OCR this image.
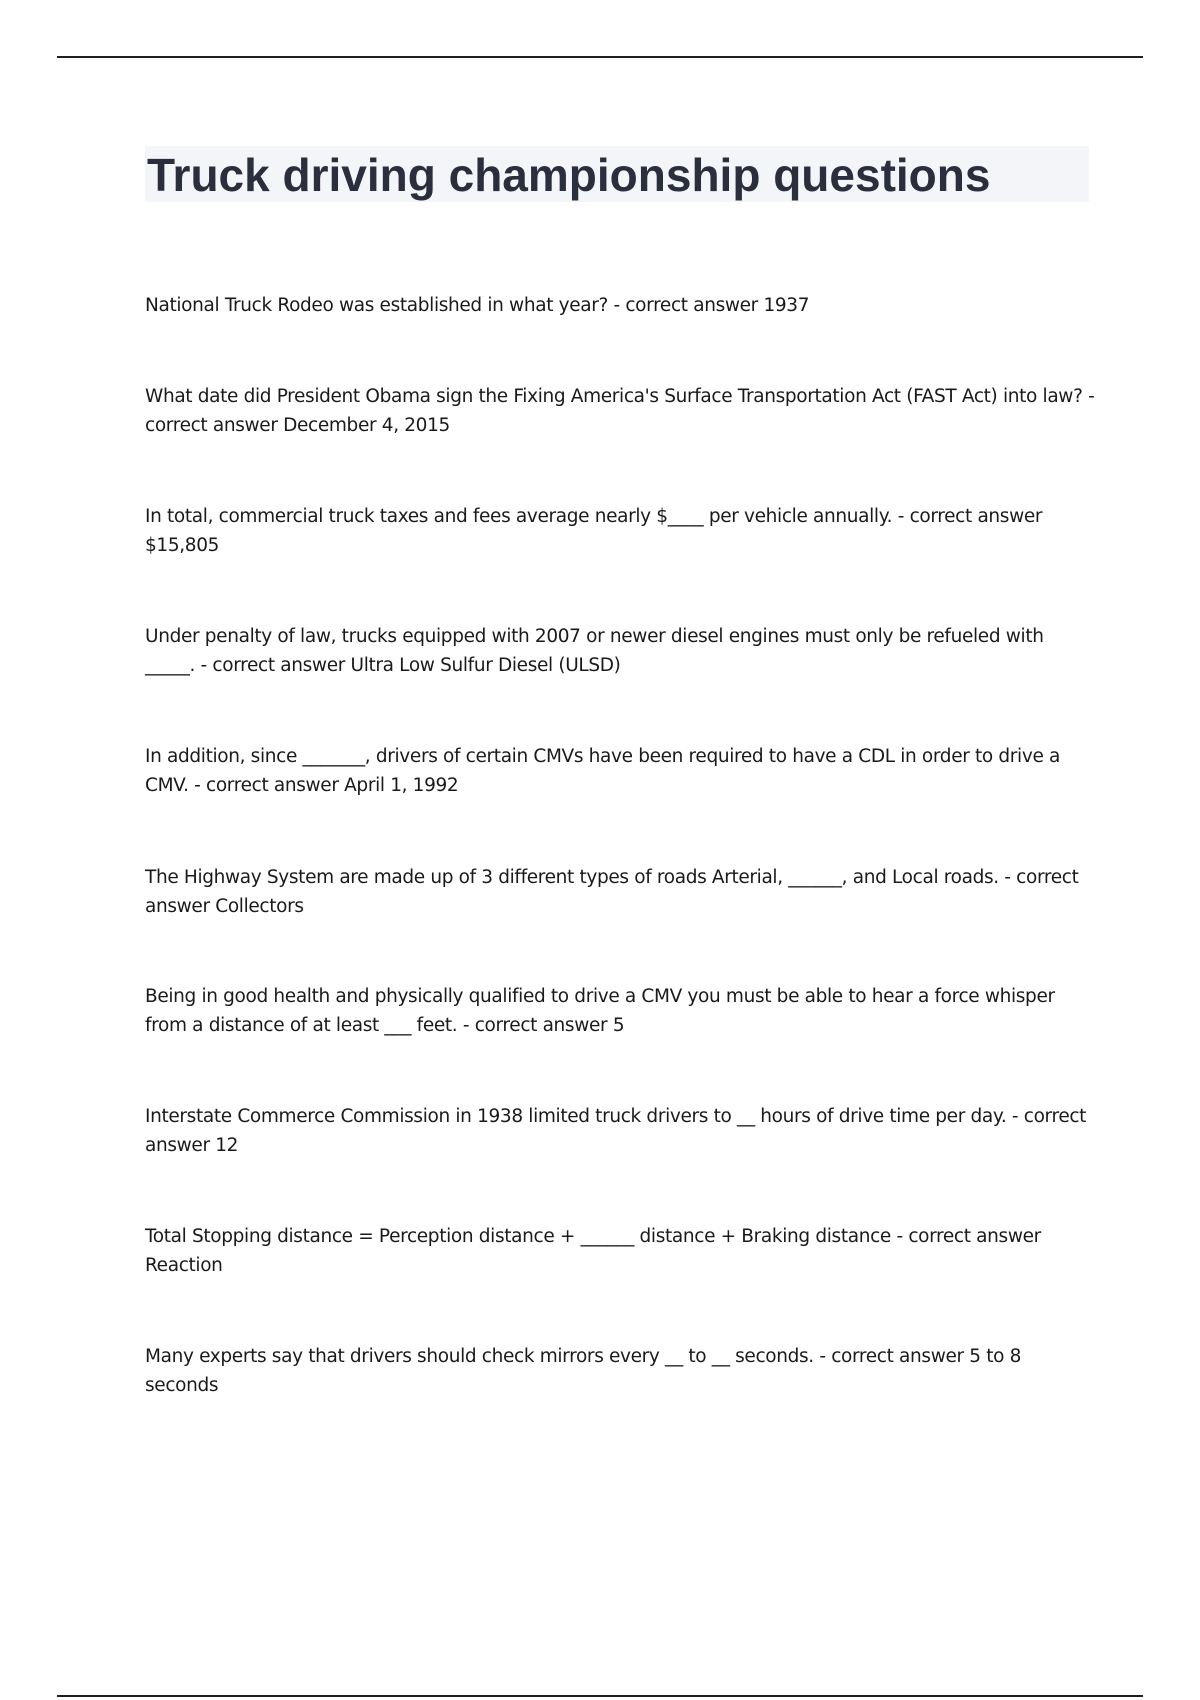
Truck driving championship questions
National Truck Rodeo was established in what year? - correct answer 1937
What date did President Obama sign the Fixing America's Surface Transportation Act (FAST Act) into law? - correct answer December 4, 2015
In total, commercial truck taxes and fees average nearly $____ per vehicle annually. - correct answer $15,805
Under penalty of law, trucks equipped with 2007 or newer diesel engines must only be refueled with _____. - correct answer Ultra Low Sulfur Diesel (ULSD)
In addition, since _______, drivers of certain CMVs have been required to have a CDL in order to drive a CMV. - correct answer April 1, 1992
The Highway System are made up of 3 different types of roads Arterial, ______, and Local roads. - correct answer Collectors
Being in good health and physically qualified to drive a CMV you must be able to hear a force whisper from a distance of at least ___ feet. - correct answer 5
Interstate Commerce Commission in 1938 limited truck drivers to __ hours of drive time per day. - correct answer 12
Total Stopping distance = Perception distance + ______ distance + Braking distance - correct answer Reaction
Many experts say that drivers should check mirrors every __ to __ seconds. - correct answer 5 to 8 seconds
